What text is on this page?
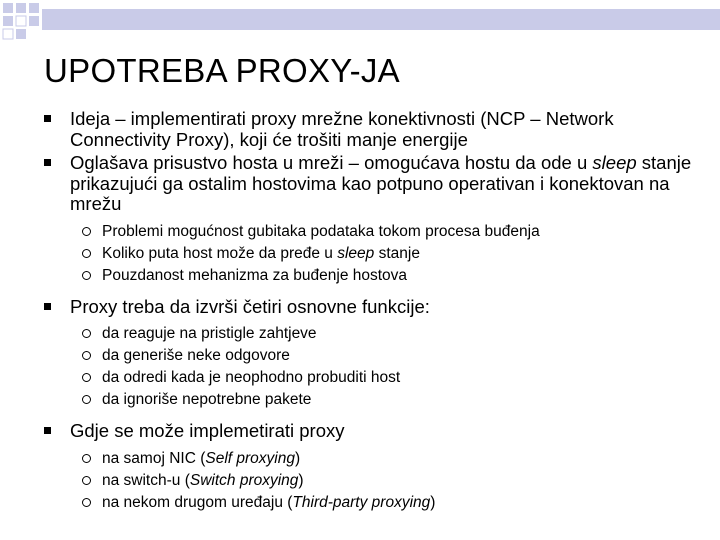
UPOTREBA PROXY-JA
Ideja – implementirati proxy mrežne konektivnosti (NCP – Network Connectivity Proxy), koji će trošiti manje energije
Oglašava prisustvo hosta u mreži – omogućava hostu da ode u sleep stanje prikazujući ga ostalim hostovima kao potpuno operativan i konektovan na mrežu
Problemi mogućnost gubitaka podataka tokom procesa buđenja
Koliko puta host može da pređe u sleep stanje
Pouzdanost mehanizma za buđenje hostova
Proxy treba da izvrši četiri osnovne funkcije:
da reaguje na pristigle zahtjeve
da generiše neke odgovore
da odredi kada je neophodno probuditi host
da ignoriše nepotrebne pakete
Gdje se može implemetirati proxy
na samoj NIC (Self proxying)
na switch-u (Switch proxying)
na nekom drugom uređaju (Third-party proxying)
